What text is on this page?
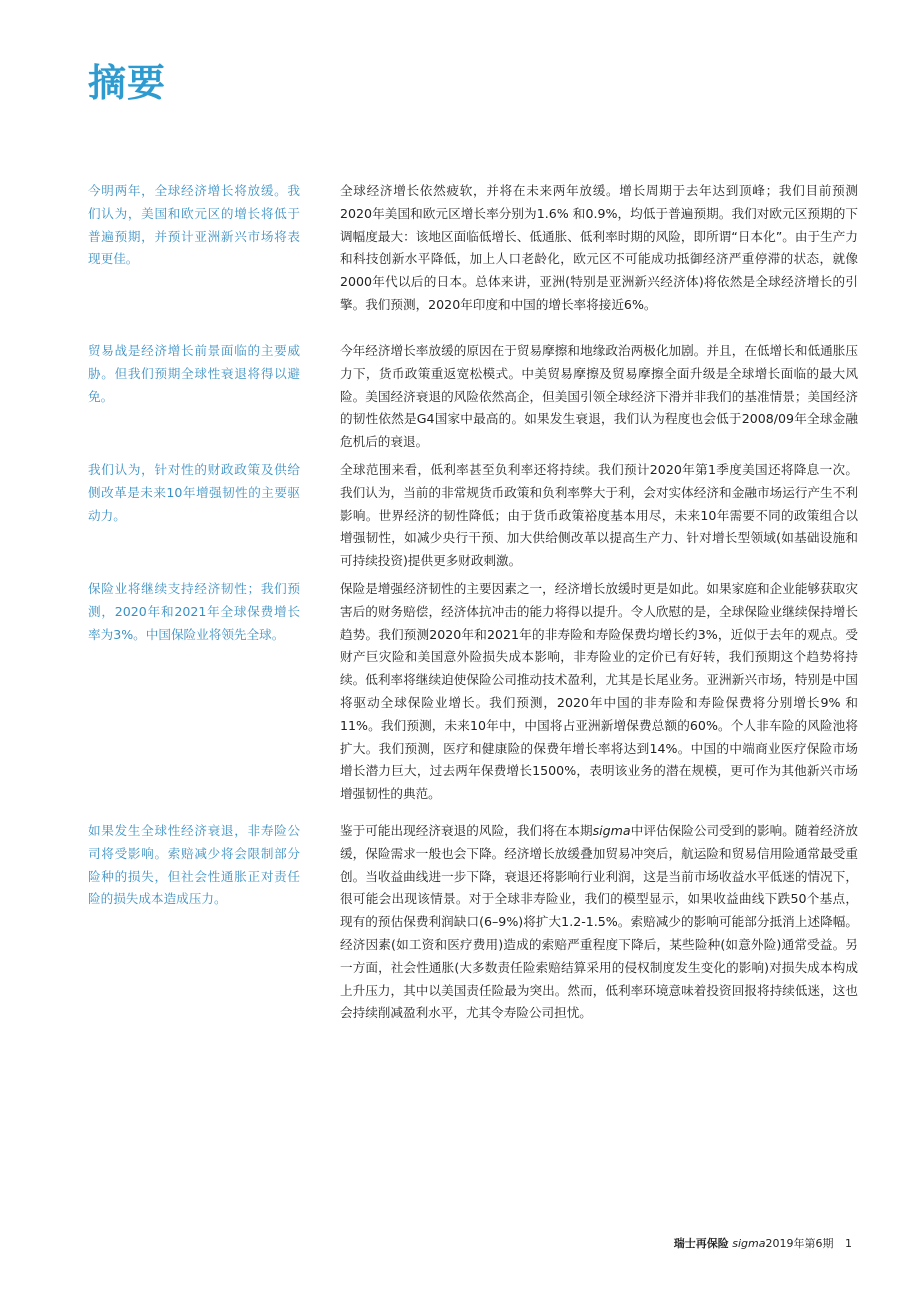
摘要

今明两年，全球经济增长将放缓。我们认为，美国和欧元区的增长将低于普遍预期，并预计亚洲新兴市场将表现更佳。

全球经济增长依然疲软，并将在未来两年放缓。增长周期于去年达到顶峰；我们目前预测2020年美国和欧元区增长率分别为1.6% 和0.9%，均低于普遍预期。我们对欧元区预期的下调幅度最大：该地区面临低增长、低通胀、低利率时期的风险，即所谓“日本化”。由于生产力和科技创新水平降低，加上人口老龄化，欧元区不可能成功抵御经济严重停滞的状态，就像2000年代以后的日本。总体来讲，亚洲(特别是亚洲新兴经济体)将依然是全球经济增长的引擎。我们预测，2020年印度和中国的增长率将接近6%。

贸易战是经济增长前景面临的主要威胁。但我们预期全球性衰退将得以避免。

今年经济增长率放缓的原因在于贸易摩擦和地缘政治两极化加剧。并且，在低增长和低通胀压力下，货币政策重返宽松模式。中美贸易摩擦及贸易摩擦全面升级是全球增长面临的最大风险。美国经济衰退的风险依然高企，但美国引领全球经济下滑并非我们的基准情景；美国经济的韧性依然是G4国家中最高的。如果发生衰退，我们认为程度也会低于2008/09年全球金融危机后的衰退。

我们认为，针对性的财政政策及供给侧改革是未来10年增强韧性的主要驱动力。

全球范围来看，低利率甚至负利率还将持续。我们预计2020年第1季度美国还将降息一次。我们认为，当前的非常规货币政策和负利率弊大于利，会对实体经济和金融市场运行产生不利影响。世界经济的韧性降低；由于货币政策裕度基本用尽，未来10年需要不同的政策组合以增强韧性，如减少央行干预、加大供给侧改革以提高生产力、针对增长型领域(如基础设施和可持续投资)提供更多财政刺激。

保险业将继续支持经济韧性；我们预测，2020年和2021年全球保费增长率为3%。中国保险业将领先全球。

保险是增强经济韧性的主要因素之一，经济增长放缓时更是如此。如果家庭和企业能够获取灾害后的财务赔偿，经济体抗冲击的能力将得以提升。令人欣慰的是，全球保险业继续保持增长趋势。我们预测2020年和2021年的非寿险和寿险保费均增长约3%，近似于去年的观点。受财产巨灾险和美国意外险损失成本影响，非寿险业的定价已有好转，我们预期这个趋势将持续。低利率将继续迫使保险公司推动技术盈利，尤其是长尾业务。亚洲新兴市场，特别是中国将驱动全球保险业增长。我们预测，2020年中国的非寿险和寿险保费将分别增长9% 和11%。我们预测，未来10年中，中国将占亚洲新增保费总额的60%。个人非车险的风险池将扩大。我们预测，医疗和健康险的保费年增长率将达到14%。中国的中端商业医疗保险市场增长潜力巨大，过去两年保费增长1500%，表明该业务的潜在规模，更可作为其他新兴市场增强韧性的典范。

如果发生全球性经济衰退，非寿险公司将受影响。索赔减少将会限制部分险种的损失，但社会性通胀正对责任险的损失成本造成压力。

鉴于可能出现经济衰退的风险，我们将在本期sigma中评估保险公司受到的影响。随着经济放缓，保险需求一般也会下降。经济增长放缓叠加贸易冲突后，航运险和贸易信用险通常最受重创。当收益曲线进一步下降，衰退还将影响行业利润，这是当前市场收益水平低迷的情况下，很可能会出现该情景。对于全球非寿险业，我们的模型显示，如果收益曲线下跌50个基点，现有的预估保费利润缺口(6–9%)将扩大1.2-1.5%。索赔减少的影响可能部分抵消上述降幅。经济因素(如工资和医疗费用)造成的索赔严重程度下降后，某些险种(如意外险)通常受益。另一方面，社会性通胀(大多数责任险索赔结算采用的侵权制度发生变化的影响)对损失成本构成上升压力，其中以美国责任险最为突出。然而，低利率环境意味着投资回报将持续低迷，这也会持续削减盈利水平，尤其令寿险公司担忧。

瑞士再保险 sigma2019年第6期 1
